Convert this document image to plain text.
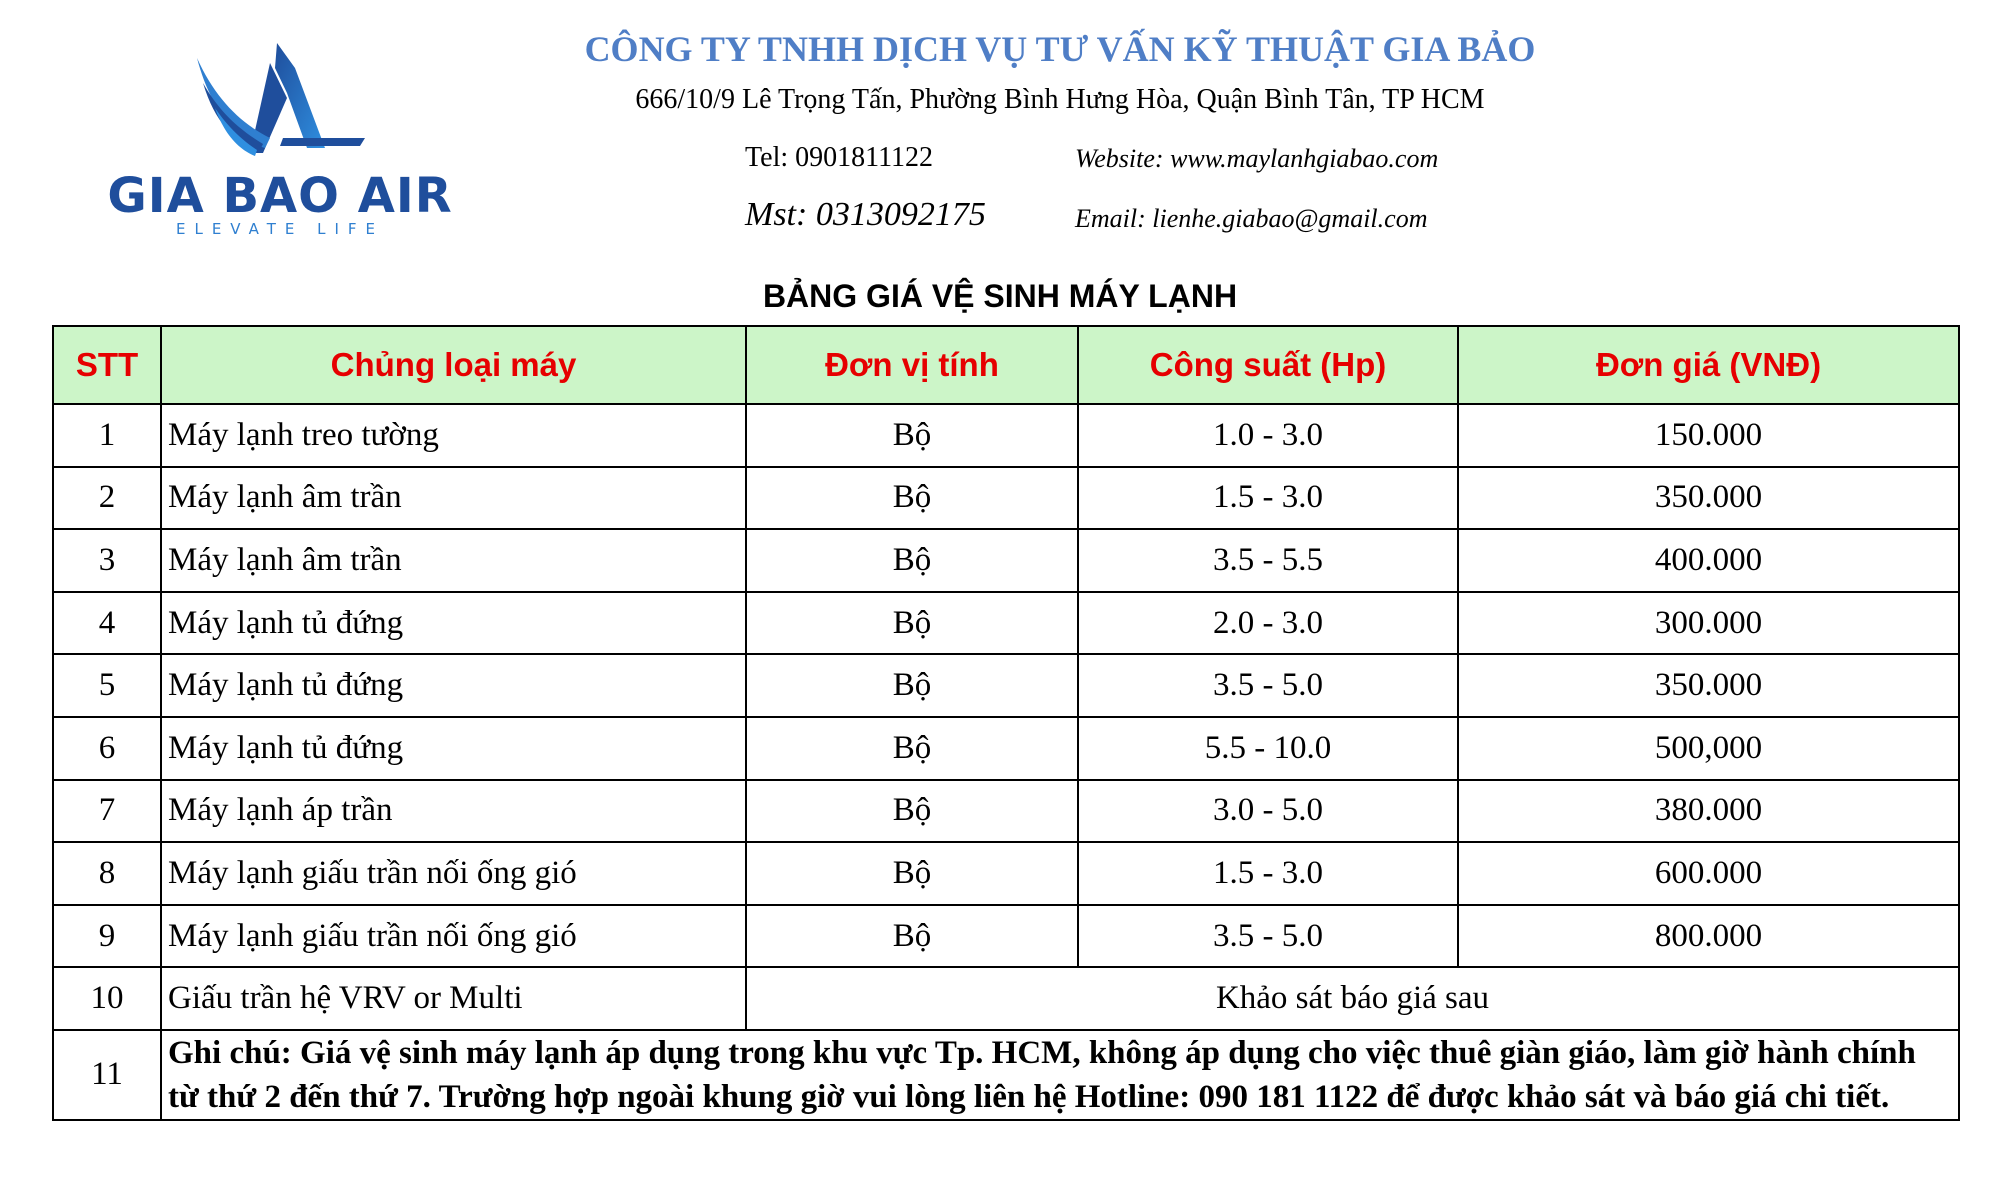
GIA BAO AIR
ELEVATE LIFE
CÔNG TY TNHH DỊCH VỤ TƯ VẤN KỸ THUẬT GIA BẢO
666/10/9 Lê Trọng Tấn, Phường Bình Hưng Hòa, Quận Bình Tân, TP HCM
Tel: 0901811122	Website: www.maylanhgiabao.com
Mst: 0313092175	Email: lienhe.giabao@gmail.com
BẢNG GIÁ VỆ SINH MÁY LẠNH
STT	Chủng loại máy	Đơn vị tính	Công suất (Hp)	Đơn giá (VNĐ)
1	Máy lạnh treo tường	Bộ	1.0 - 3.0	150.000
2	Máy lạnh âm trần	Bộ	1.5 - 3.0	350.000
3	Máy lạnh âm trần	Bộ	3.5 - 5.5	400.000
4	Máy lạnh tủ đứng	Bộ	2.0 - 3.0	300.000
5	Máy lạnh tủ đứng	Bộ	3.5 - 5.0	350.000
6	Máy lạnh tủ đứng	Bộ	5.5 - 10.0	500,000
7	Máy lạnh áp trần	Bộ	3.0 - 5.0	380.000
8	Máy lạnh giấu trần nối ống gió	Bộ	1.5 - 3.0	600.000
9	Máy lạnh giấu trần nối ống gió	Bộ	3.5 - 5.0	800.000
10	Giấu trần hệ VRV or Multi	Khảo sát báo giá sau		
11	Ghi chú: Giá vệ sinh máy lạnh áp dụng trong khu vực Tp. HCM, không áp dụng cho việc thuê giàn giáo, làm giờ hành chính từ thứ 2 đến thứ 7. Trường hợp ngoài khung giờ vui lòng liên hệ Hotline: 090 181 1122 để được khảo sát và báo giá chi tiết.			
